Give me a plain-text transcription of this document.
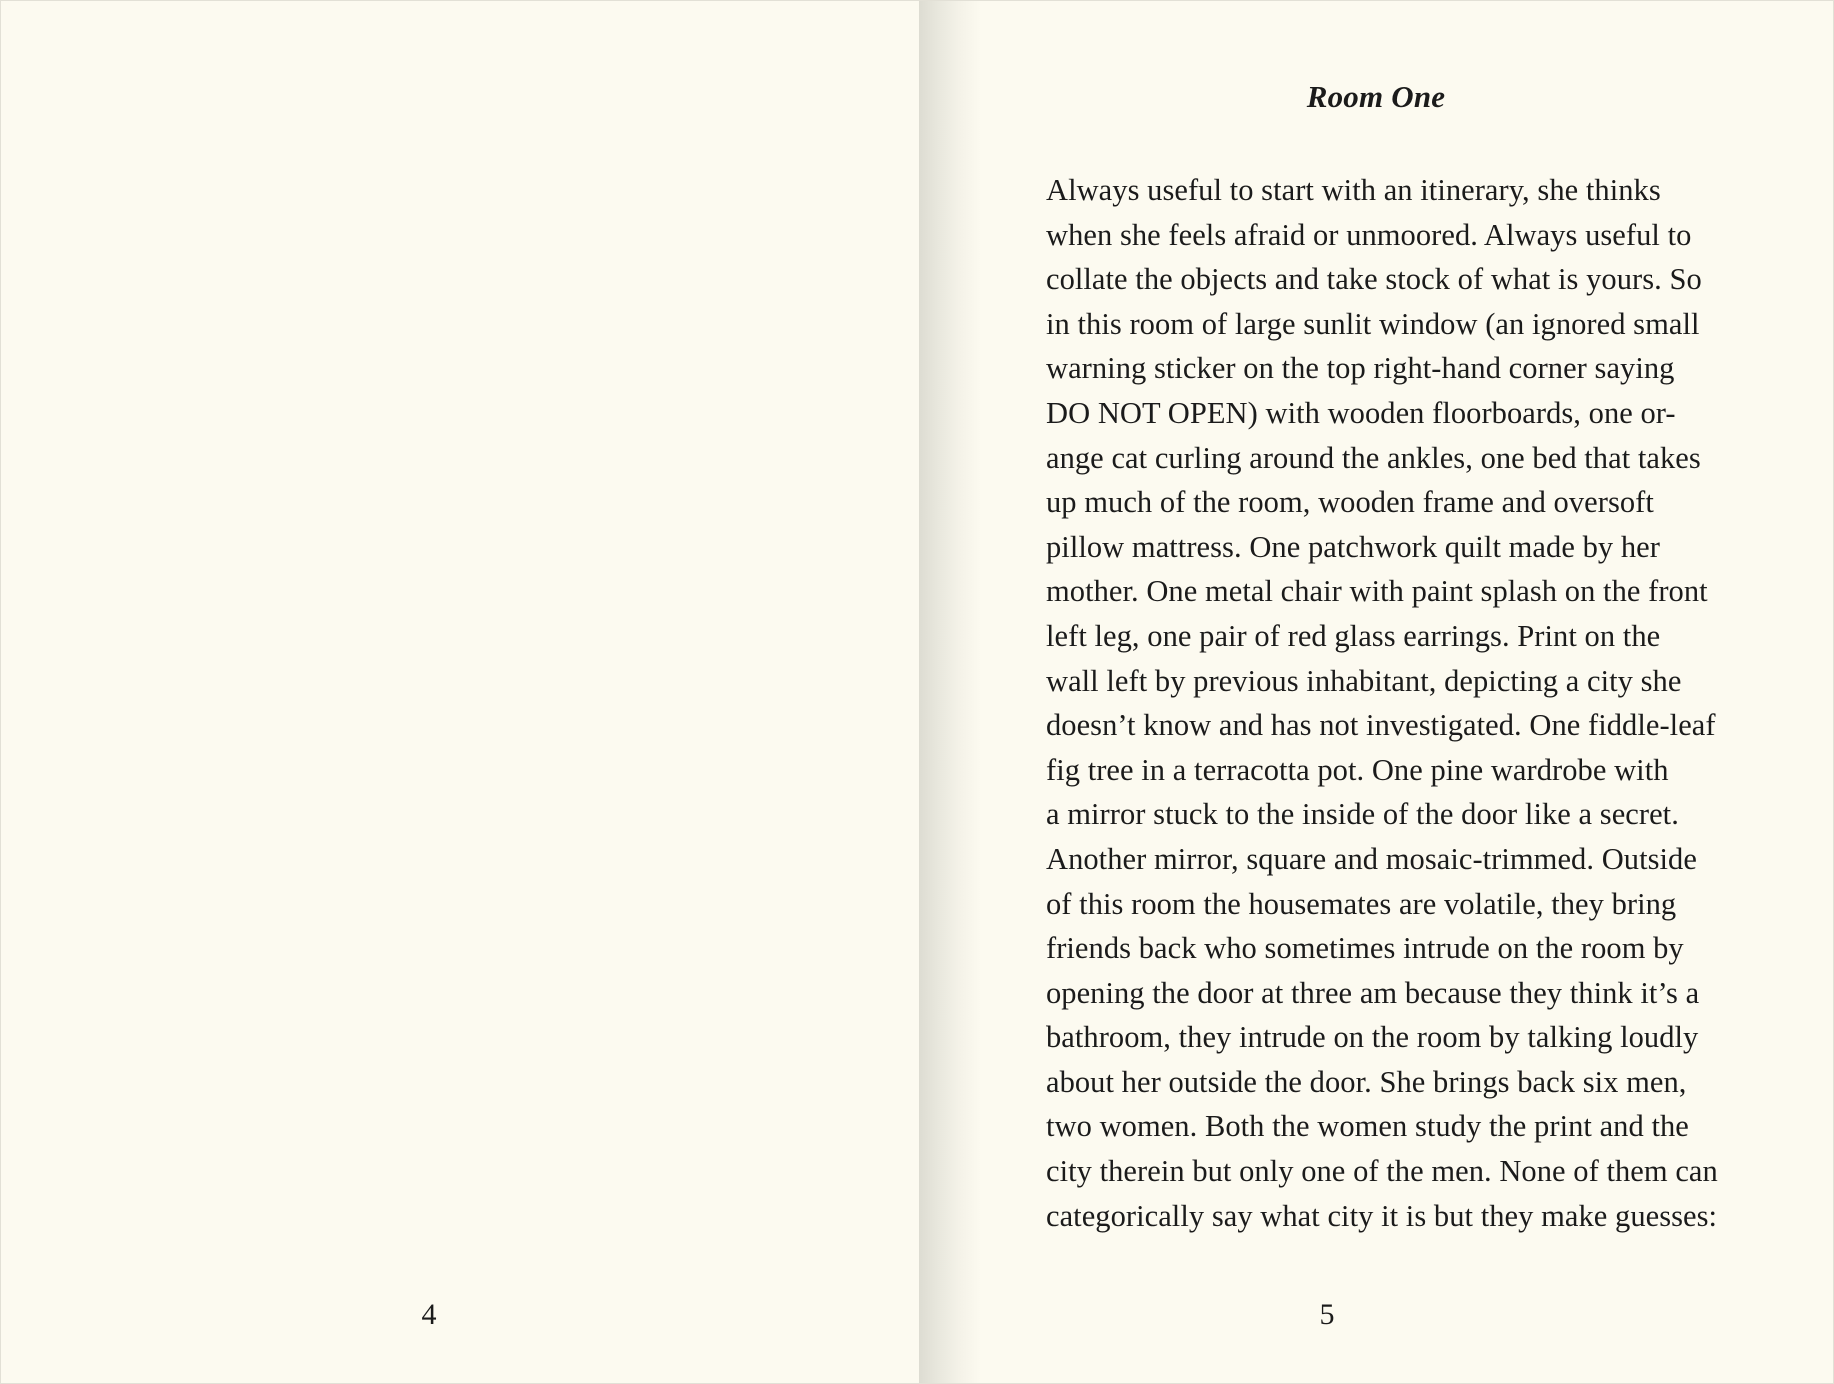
4
Room One

Always useful to start with an itinerary, she thinks
when she feels afraid or unmoored. Always useful to
collate the objects and take stock of what is yours. So
in this room of large sunlit window (an ignored small
warning sticker on the top right-hand corner saying
DO NOT OPEN) with wooden floorboards, one or-
ange cat curling around the ankles, one bed that takes
up much of the room, wooden frame and oversoft
pillow mattress. One patchwork quilt made by her
mother. One metal chair with paint splash on the front
left leg, one pair of red glass earrings. Print on the
wall left by previous inhabitant, depicting a city she
doesn’t know and has not investigated. One fiddle-leaf
fig tree in a terracotta pot. One pine wardrobe with
a mirror stuck to the inside of the door like a secret.
Another mirror, square and mosaic-trimmed. Outside
of this room the housemates are volatile, they bring
friends back who sometimes intrude on the room by
opening the door at three am because they think it’s a
bathroom, they intrude on the room by talking loudly
about her outside the door. She brings back six men,
two women. Both the women study the print and the
city therein but only one of the men. None of them can
categorically say what city it is but they make guesses:

5
